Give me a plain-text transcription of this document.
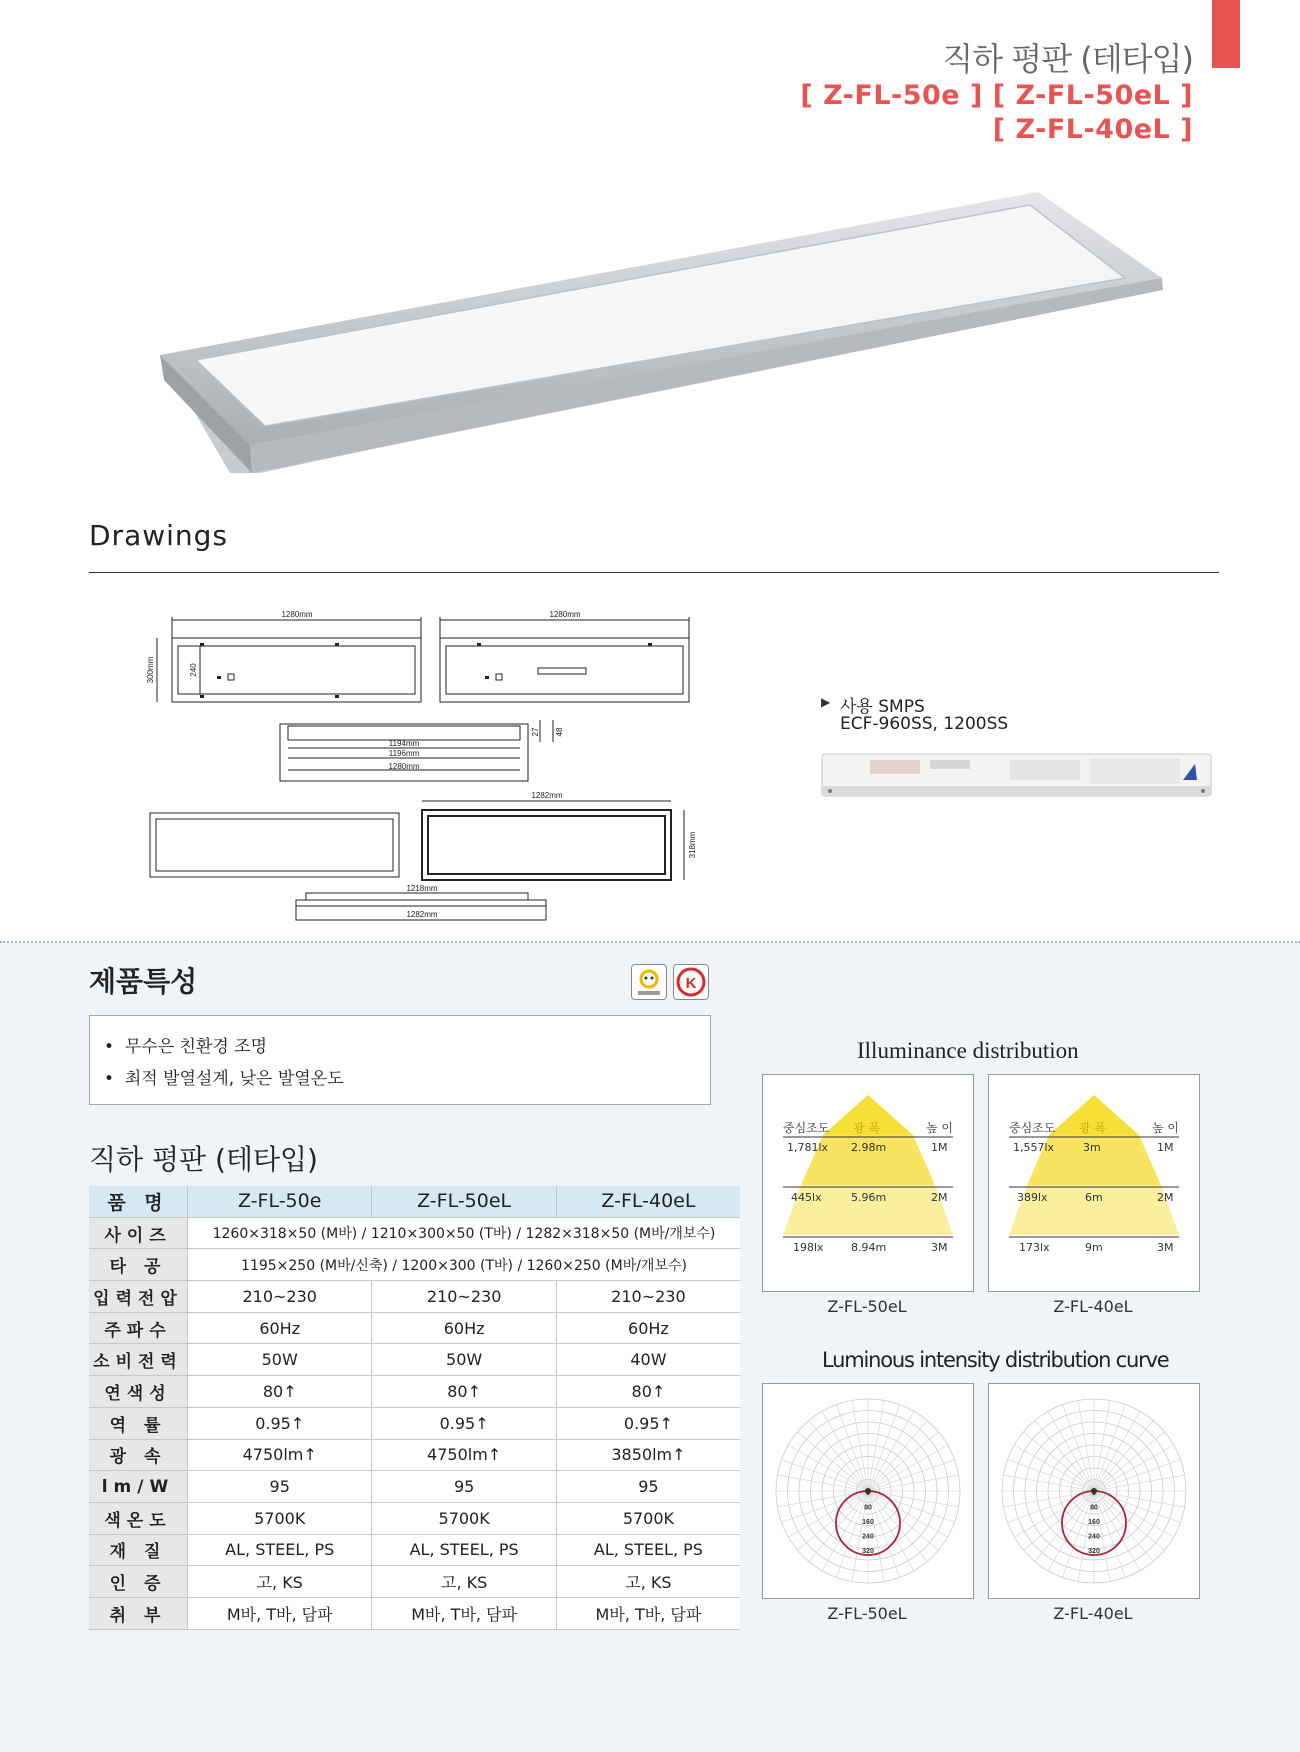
직하 평판 (테타입)
[ Z-FL-50e ] [ Z-FL-50eL ]
[ Z-FL-40eL ]
Drawings
1280mm	1280mm
300mm	240
1194mm
1196mm
1280mm
27 48
1282mm
318mm
1218mm
1282mm
▶ 사용 SMPS
ECF-960SS, 1200SS
제품특성	K
•  무수은 친환경 조명
•  최적 발열설계, 낮은 발열온도
직하 평판 (테타입)
품 명	Z-FL-50e	Z-FL-50eL	Z-FL-40eL
사이즈	1260×318×50 (M바) / 1210×300×50 (T바) / 1282×318×50 (M바/개보수)		
타 공	1195×250 (M바/신축) / 1200×300 (T바) / 1260×250 (M바/개보수)		
입력전압	210~230	210~230	210~230
주파수	60Hz	60Hz	60Hz
소비전력	50W	50W	40W
연색성	80↑	80↑	80↑
역 률	0.95↑	0.95↑	0.95↑
광 속	4750lm↑	4750lm↑	3850lm↑
lm/W	95	95	95
색온도	5700K	5700K	5700K
재 질	AL, STEEL, PS	AL, STEEL, PS	AL, STEEL, PS
인 증	고, KS	고, KS	고, KS
취 부	M바, T바, 담파	M바, T바, 담파	M바, T바, 담파
Illuminance distribution
중심조도 광 폭	높 이
1,781lx 2.98m	1M
445lx	5.96m	2M
198lx 8.94m	3M
Z-FL-50eL
중심조도 광 폭	높 이
1,557lx	3m	1M
389lx	6m	2M
173lx	9m	3M
Z-FL-40eL
Luminous intensity distribution curve
0
80
160
240
320
Z-FL-50eL
0
80
160
240
320
Z-FL-40eL
